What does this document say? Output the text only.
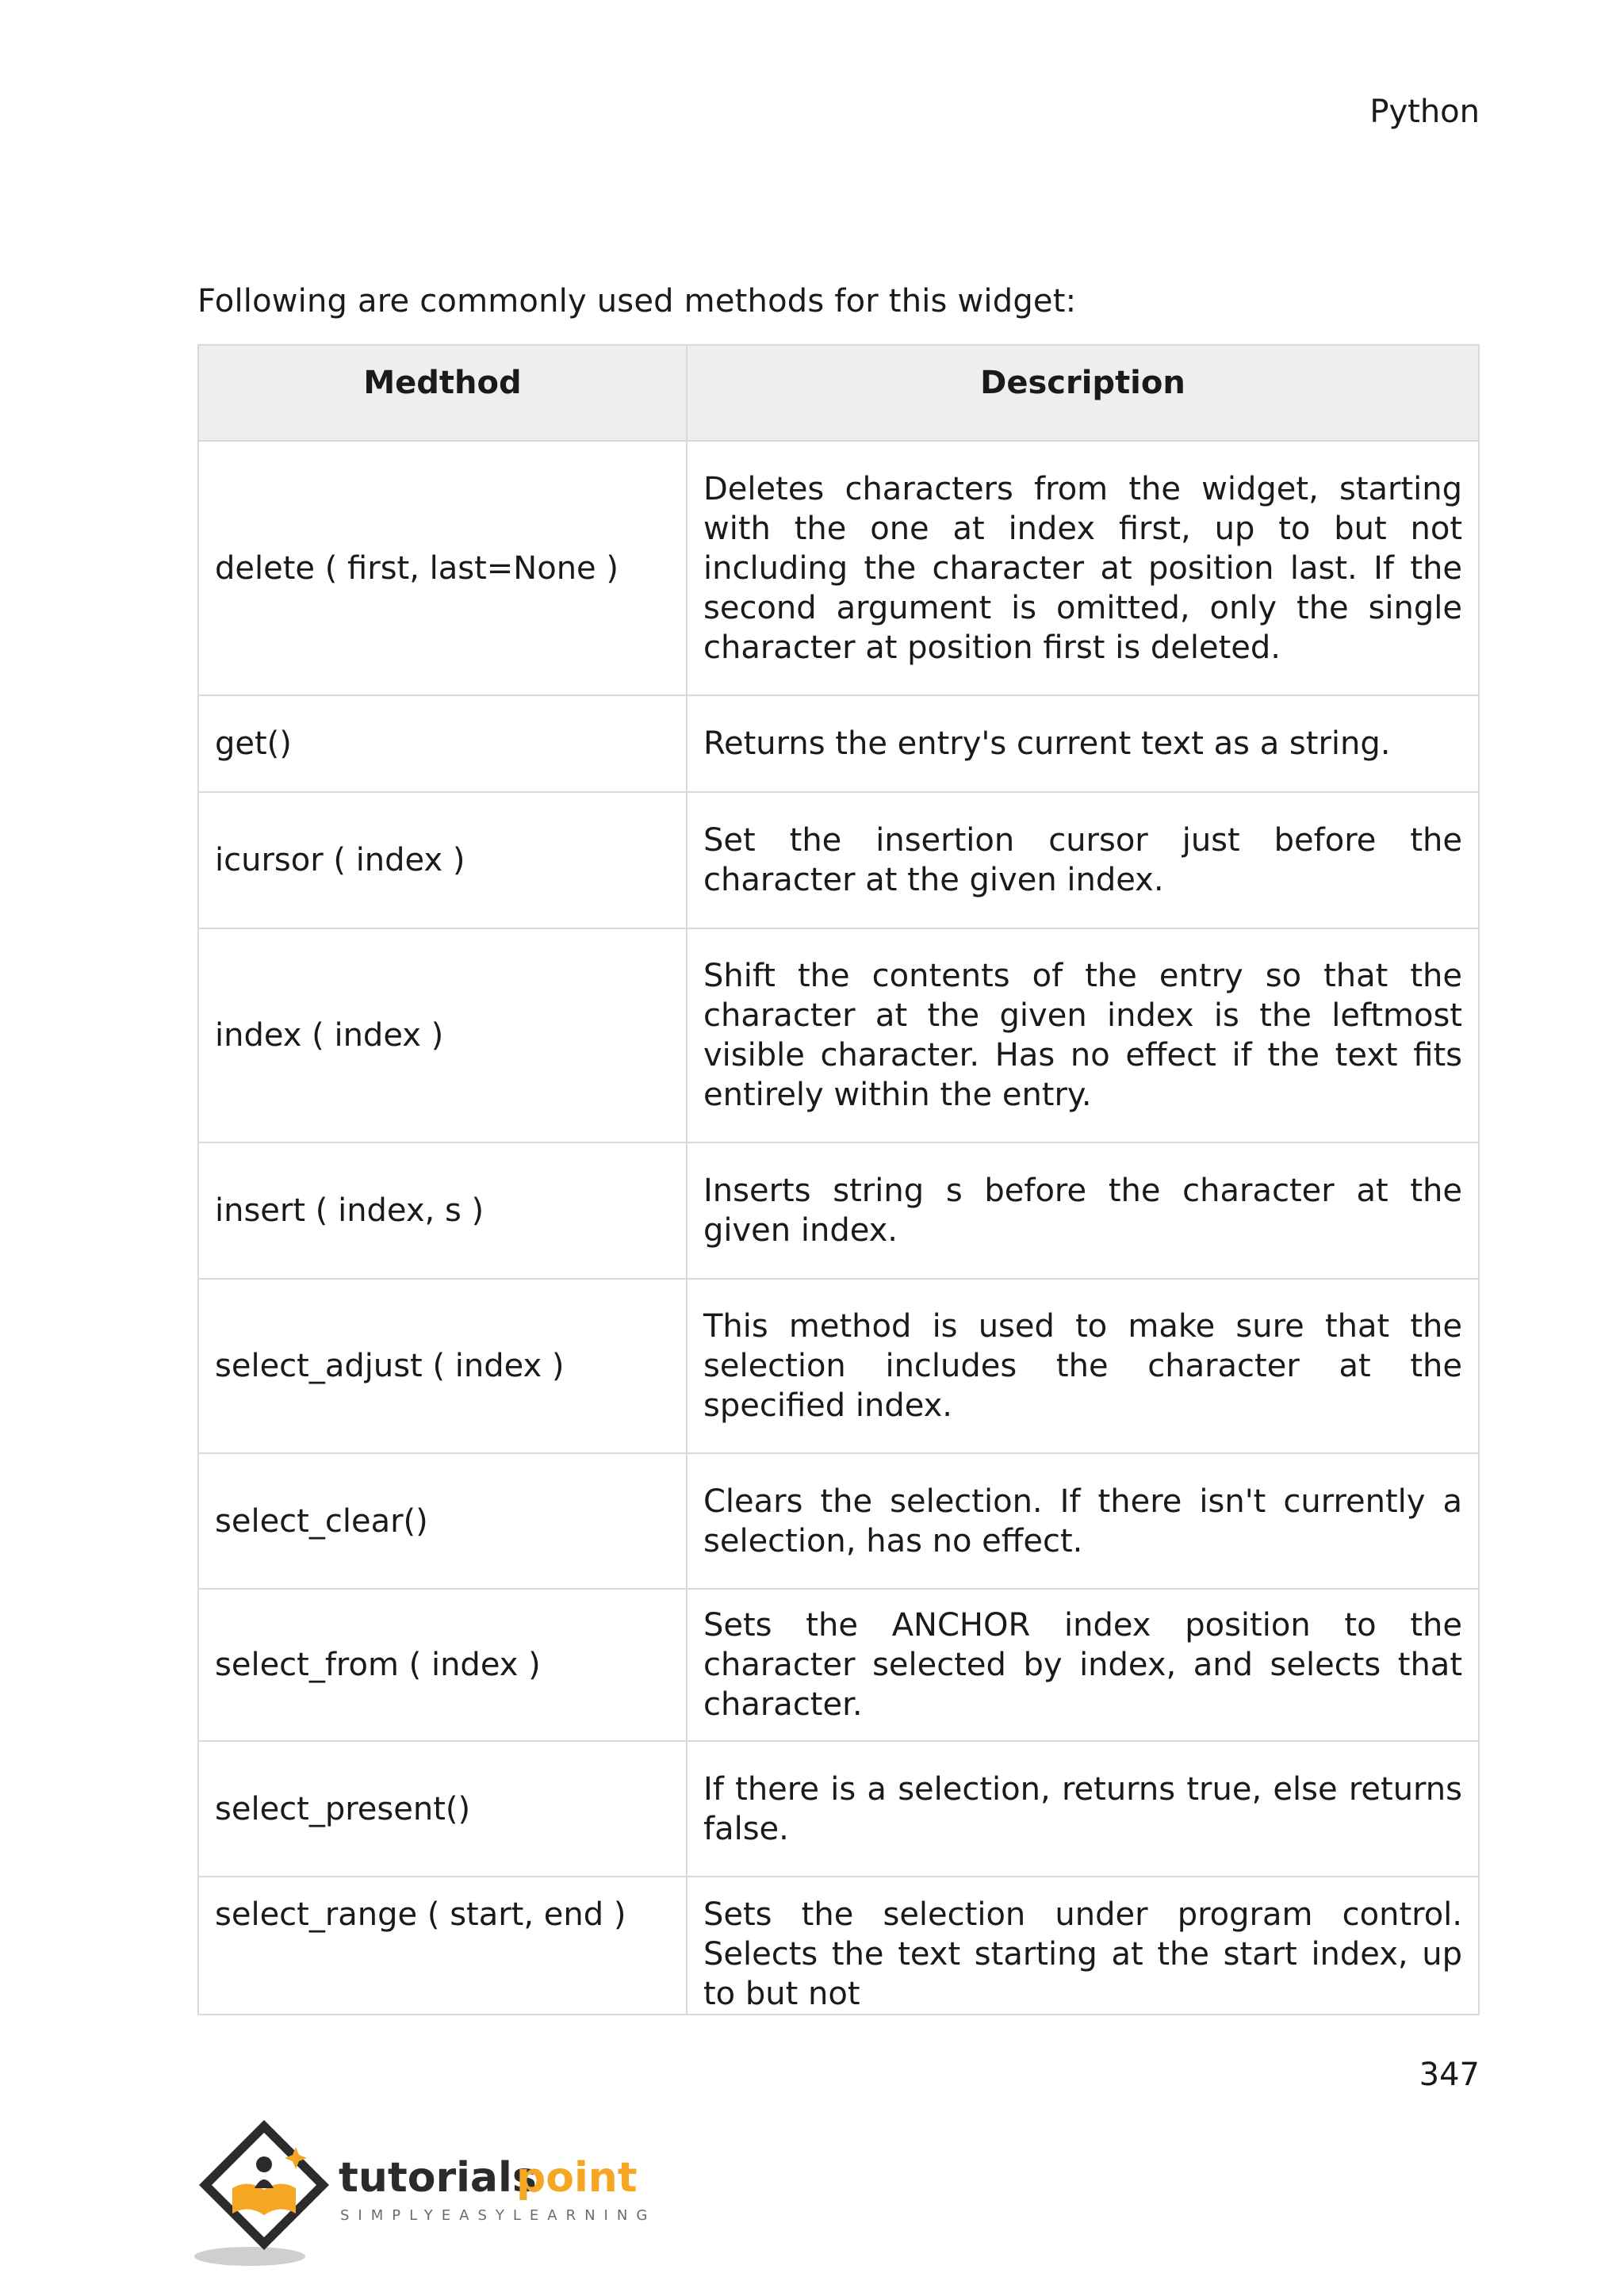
Python
Following are commonly used methods for this widget:
Medthod	Description
delete ( first, last=None )	Deletes characters from the widget, starting with the one at index first, up to but not including the character at position last. If the second argument is omitted, only the single character at position first is deleted.
get()	Returns the entry's current text as a string.
icursor ( index )	Set the insertion cursor just before the character at the given index.
index ( index )	Shift the contents of the entry so that the character at the given index is the leftmost visible character. Has no effect if the text fits entirely within the entry.
insert ( index, s )	Inserts string s before the character at the given index.
select_adjust ( index )	This method is used to make sure that the selection includes the character at the specified index.
select_clear()	Clears the selection. If there isn't currently a selection, has no effect.
select_from ( index )	Sets the ANCHOR index position to the character selected by index, and selects that character.
select_present()	If there is a selection, returns true, else returns false.
select_range ( start, end )	Sets the selection under program control. Selects the text starting at the start index, up to but not
347
tutorials
point
SIMPLYEASYLEARNING
